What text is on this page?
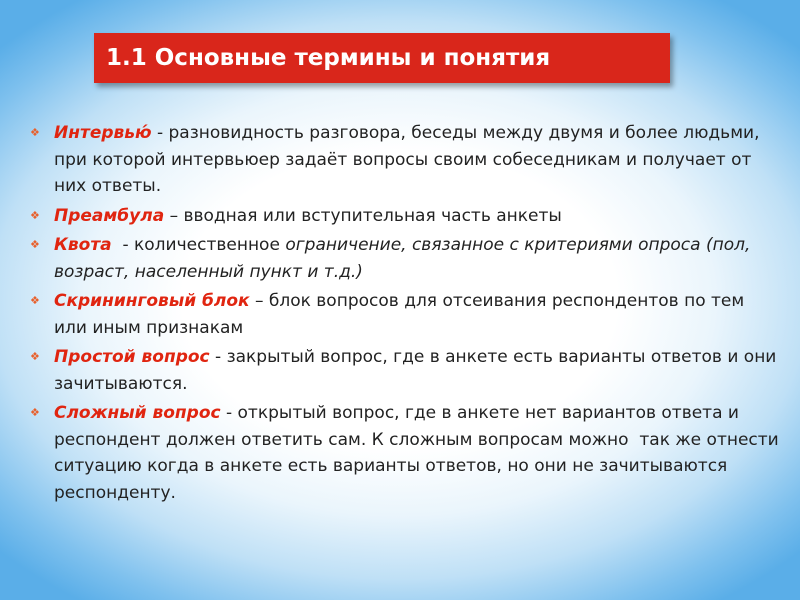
1.1 Основные термины и понятия
❖ Интервью́ - разновидность разговора, беседы между двумя и более людьми, при которой интервьюер задаёт вопросы своим собеседникам и получает от них ответы.
❖ Преамбула – вводная или вступительная часть анкеты
❖ Квота  - количественное ограничение, связанное с критериями опроса (пол, возраст, населенный пункт и т.д.)
❖ Скрининговый блок – блок вопросов для отсеивания респондентов по тем или иным признакам
❖ Простой вопрос - закрытый вопрос, где в анкете есть варианты ответов и они зачитываются.
❖ Сложный вопрос - открытый вопрос, где в анкете нет вариантов ответа и респондент должен ответить сам. К сложным вопросам можно  так же отнести ситуацию когда в анкете есть варианты ответов, но они не зачитываются респонденту.
